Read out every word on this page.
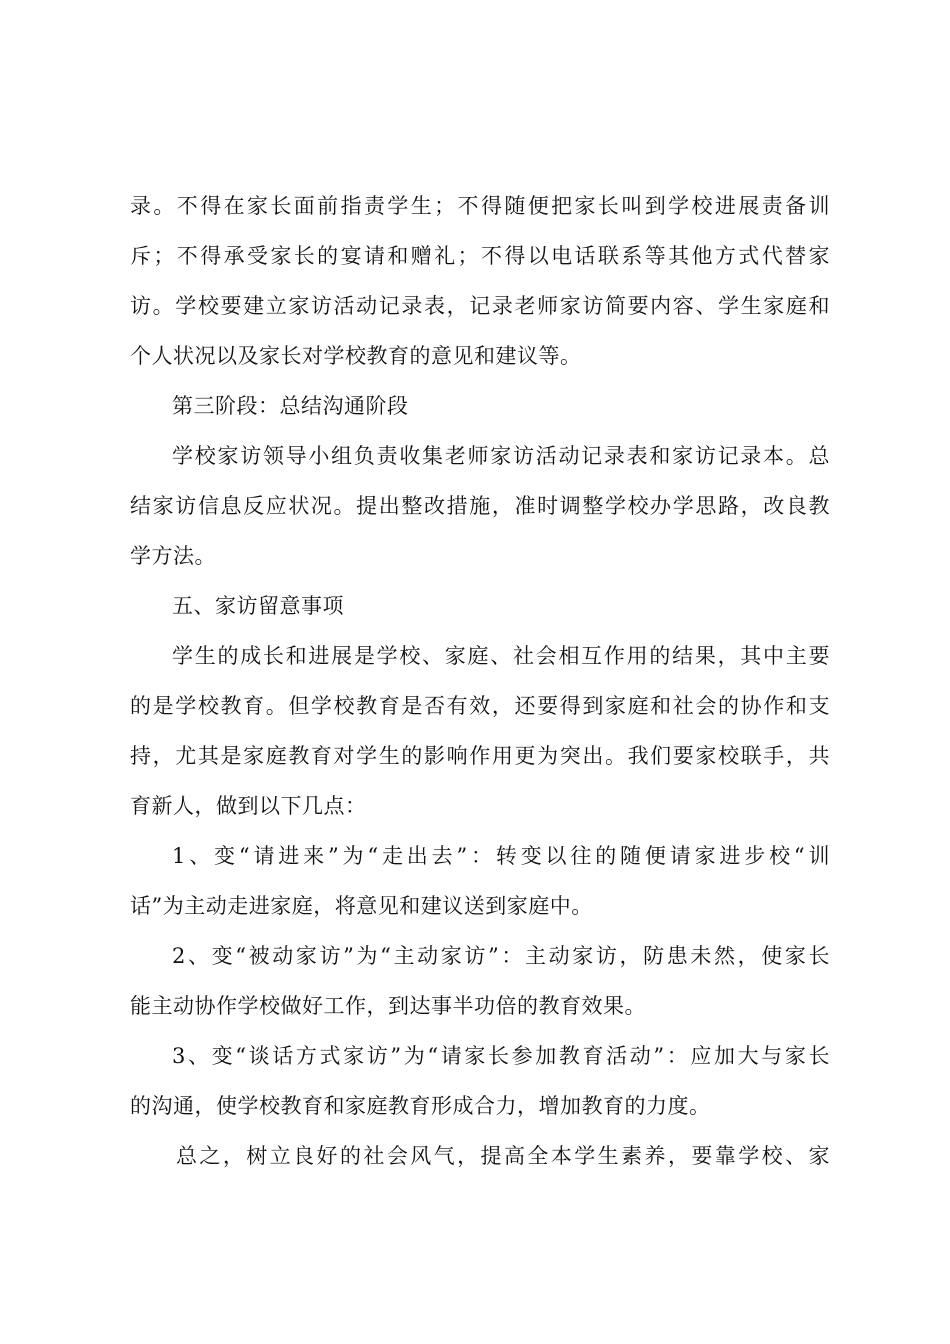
录。不得在家长面前指责学生；不得随便把家长叫到学校进展责备训
斥；不得承受家长的宴请和赠礼；不得以电话联系等其他方式代替家
访。学校要建立家访活动记录表，记录老师家访简要内容、学生家庭和
个人状况以及家长对学校教育的意见和建议等。
第三阶段：总结沟通阶段
学校家访领导小组负责收集老师家访活动记录表和家访记录本。总
结家访信息反应状况。提出整改措施，准时调整学校办学思路，改良教
学方法。
五、家访留意事项
学生的成长和进展是学校、家庭、社会相互作用的结果，其中主要
的是学校教育。但学校教育是否有效，还要得到家庭和社会的协作和支
持，尤其是家庭教育对学生的影响作用更为突出。我们要家校联手，共
育新人，做到以下几点：
1、变“请进来”为“走出去”：转变以往的随便请家进步校“训
话”为主动走进家庭，将意见和建议送到家庭中。
2、变“被动家访”为“主动家访”：主动家访，防患未然，使家长
能主动协作学校做好工作，到达事半功倍的教育效果。
3、变“谈话方式家访”为“请家长参加教育活动”：应加大与家长
的沟通，使学校教育和家庭教育形成合力，增加教育的力度。
总之，树立良好的社会风气，提高全本学生素养，要靠学校、家
